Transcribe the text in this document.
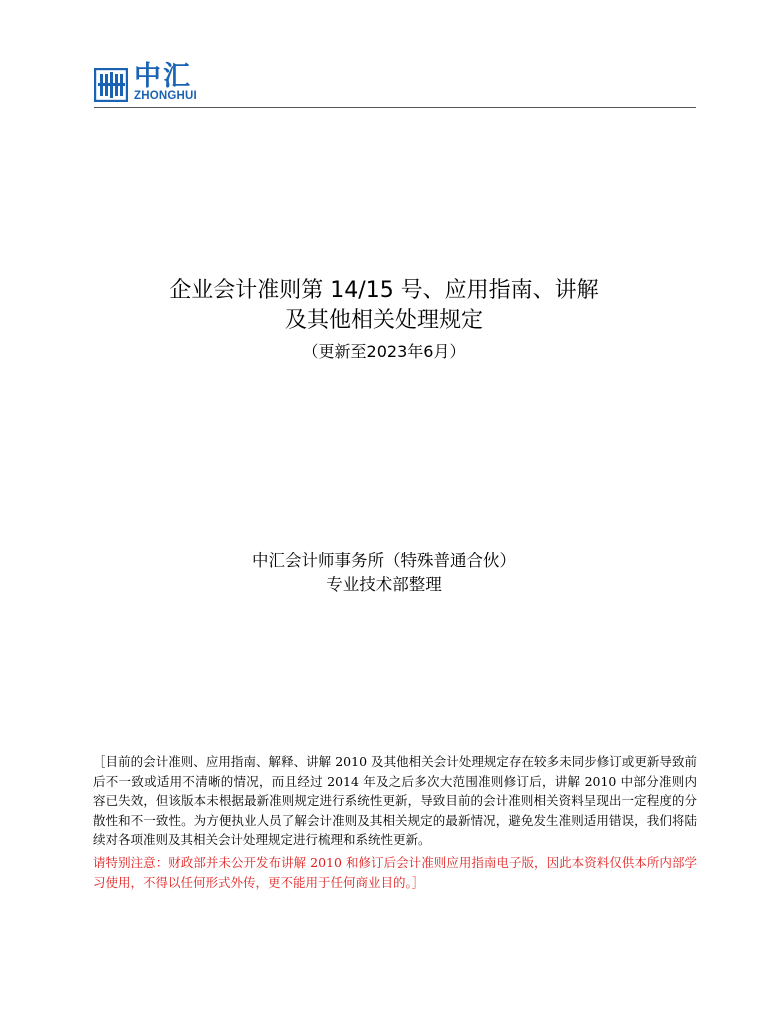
中汇
ZHONGHUI
企业会计准则第 14/15 号、应用指南、讲解
及其他相关处理规定
（更新至2023年6月）
中汇会计师事务所（特殊普通合伙）
专业技术部整理
［目前的会计准则、应用指南、解释、讲解 2010 及其他相关会计处理规定存在较多未同步修订或更新导致前后不一致或适用不清晰的情况，而且经过 2014 年及之后多次大范围准则修订后，讲解 2010 中部分准则内容已失效，但该版本未根据最新准则规定进行系统性更新，导致目前的会计准则相关资料呈现出一定程度的分散性和不一致性。为方便执业人员了解会计准则及其相关规定的最新情况，避免发生准则适用错误，我们将陆续对各项准则及其相关会计处理规定进行梳理和系统性更新。
请特别注意：财政部并未公开发布讲解 2010 和修订后会计准则应用指南电子版，因此本资料仅供本所内部学习使用，不得以任何形式外传，更不能用于任何商业目的。］
